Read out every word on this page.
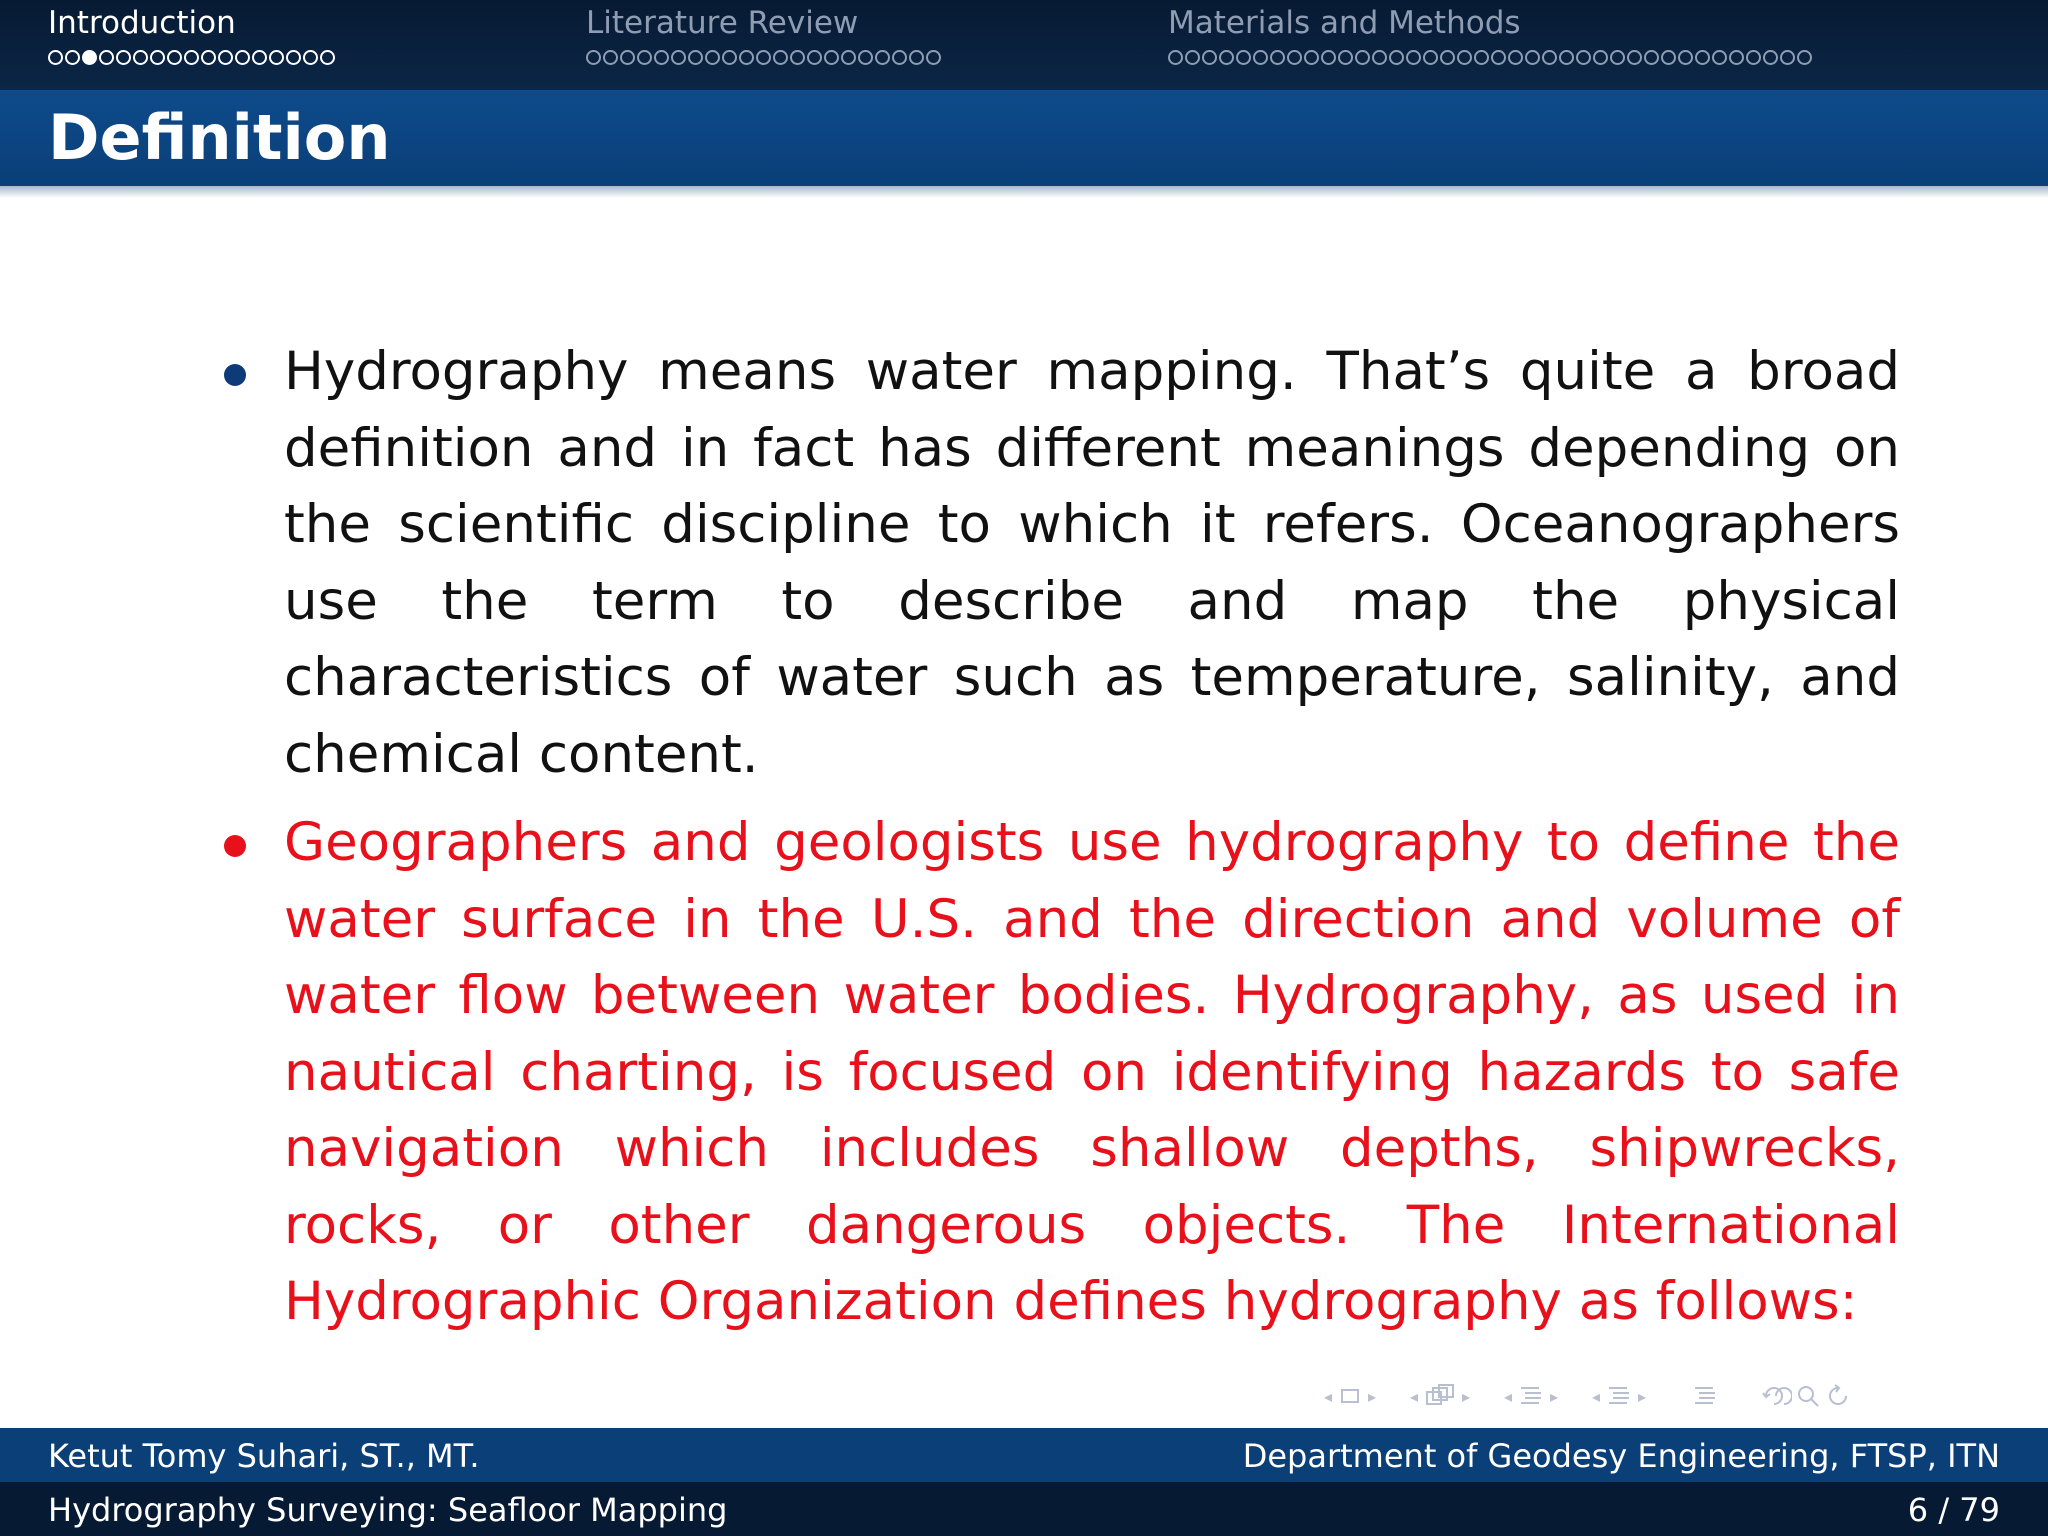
Introduction	Literature Review	Materials and Methods
Definition
Hydrography means water mapping. That’s quite a broad definition and in fact has different meanings depending on the scientific discipline to which it refers. Oceanographers use the term to describe and map the physical characteristics of water such as temperature, salinity, and chemical content.
Geographers and geologists use hydrography to define the water surface in the U.S. and the direction and volume of water flow between water bodies. Hydrography, as used in nautical charting, is focused on identifying hazards to safe navigation which includes shallow depths, shipwrecks, rocks, or other dangerous objects. The International Hydrographic Organization defines hydrography as follows:
◂ ▸ ◂	▸ ◂ ▸ ◂ ▸
Ketut Tomy Suhari, ST., MT.	Department of Geodesy Engineering, FTSP, ITN
Hydrography Surveying: Seafloor Mapping	6 / 79
